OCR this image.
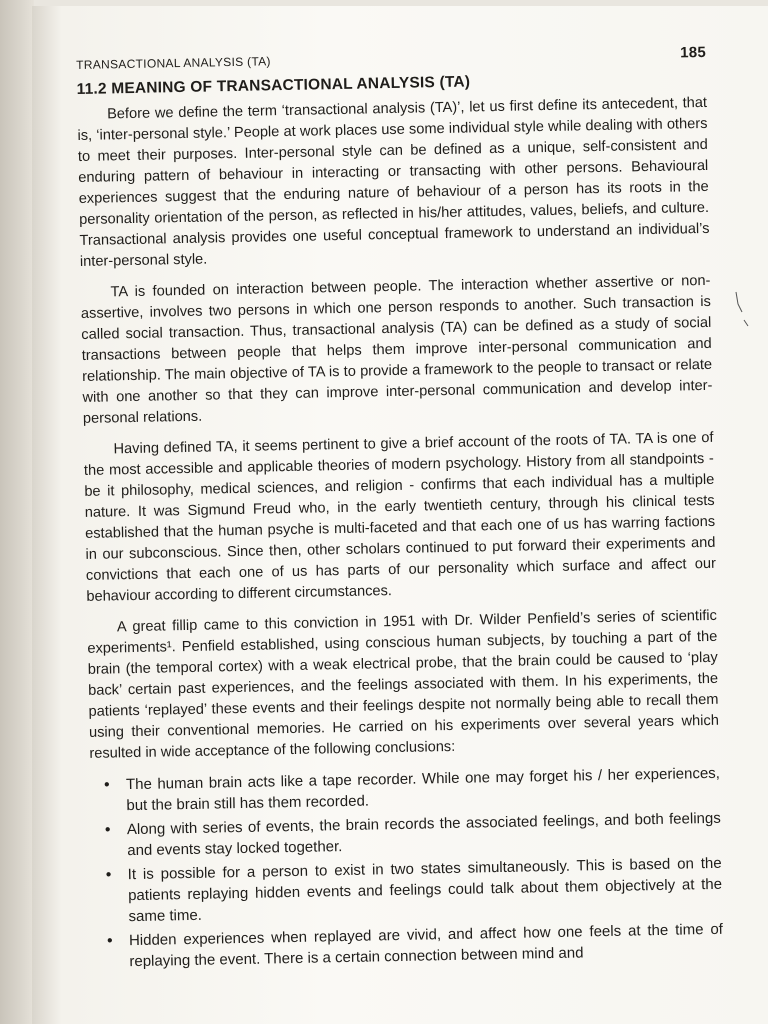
TRANSACTIONAL ANALYSIS (TA)
185
11.2 MEANING OF TRANSACTIONAL ANALYSIS (TA)

Before we define the term ‘transactional analysis (TA)’, let us first define its antecedent, that is, ‘inter-personal style.’ People at work places use some individual style while dealing with others to meet their purposes. Inter-personal style can be defined as a unique, self-consistent and enduring pattern of behaviour in interacting or transacting with other persons. Behavioural experiences suggest that the enduring nature of behaviour of a person has its roots in the personality orientation of the person, as reflected in his/her attitudes, values, beliefs, and culture. Transactional analysis provides one useful conceptual framework to understand an individual’s inter-personal style.

TA is founded on interaction between people. The interaction whether assertive or non-assertive, involves two persons in which one person responds to another. Such transaction is called social transaction. Thus, transactional analysis (TA) can be defined as a study of social transactions between people that helps them improve inter-personal communication and relationship. The main objective of TA is to provide a framework to the people to transact or relate with one another so that they can improve inter-personal communication and develop inter-personal relations.

Having defined TA, it seems pertinent to give a brief account of the roots of TA. TA is one of the most accessible and applicable theories of modern psychology. History from all standpoints - be it philosophy, medical sciences, and religion - confirms that each individual has a multiple nature. It was Sigmund Freud who, in the early twentieth century, through his clinical tests established that the human psyche is multi-faceted and that each one of us has warring factions in our subconscious. Since then, other scholars continued to put forward their experiments and convictions that each one of us has parts of our personality which surface and affect our behaviour according to different circumstances.

A great fillip came to this conviction in 1951 with Dr. Wilder Penfield’s series of scientific experiments¹. Penfield established, using conscious human subjects, by touching a part of the brain (the temporal cortex) with a weak electrical probe, that the brain could be caused to ‘play back’ certain past experiences, and the feelings associated with them. In his experiments, the patients ‘replayed’ these events and their feelings despite not normally being able to recall them using their conventional memories. He carried on his experiments over several years which resulted in wide acceptance of the following conclusions:

• The human brain acts like a tape recorder. While one may forget his / her experiences, but the brain still has them recorded.
• Along with series of events, the brain records the associated feelings, and both feelings and events stay locked together.
• It is possible for a person to exist in two states simultaneously. This is based on the patients replaying hidden events and feelings could talk about them objectively at the same time.
• Hidden experiences when replayed are vivid, and affect how one feels at the time of replaying the event. There is a certain connection between mind and
